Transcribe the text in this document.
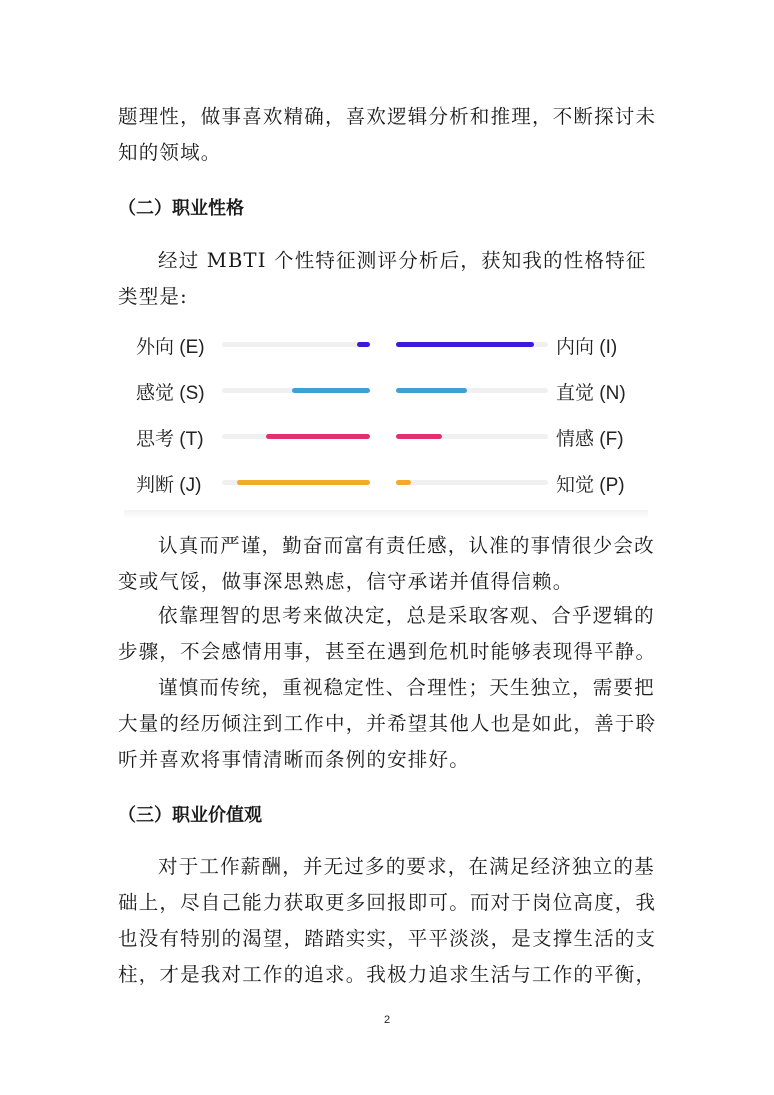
题理性，做事喜欢精确，喜欢逻辑分析和推理，不断探讨未知的领域。

（二）职业性格

经过 MBTI 个性特征测评分析后，获知我的性格特征类型是:

外向 (E)	内向 (I)
感觉 (S)	直觉 (N)
思考 (T)	情感 (F)
判断 (J)	知觉 (P)

认真而严谨，勤奋而富有责任感，认准的事情很少会改变或气馁，做事深思熟虑，信守承诺并值得信赖。

依靠理智的思考来做决定，总是采取客观、合乎逻辑的步骤，不会感情用事，甚至在遇到危机时能够表现得平静。

谨慎而传统，重视稳定性、合理性；天生独立，需要把大量的经历倾注到工作中，并希望其他人也是如此，善于聆听并喜欢将事情清晰而条例的安排好。

（三）职业价值观

对于工作薪酬，并无过多的要求，在满足经济独立的基础上，尽自己能力获取更多回报即可。而对于岗位高度，我也没有特别的渴望，踏踏实实，平平淡淡，是支撑生活的支柱，才是我对工作的追求。我极力追求生活与工作的平衡，

2
